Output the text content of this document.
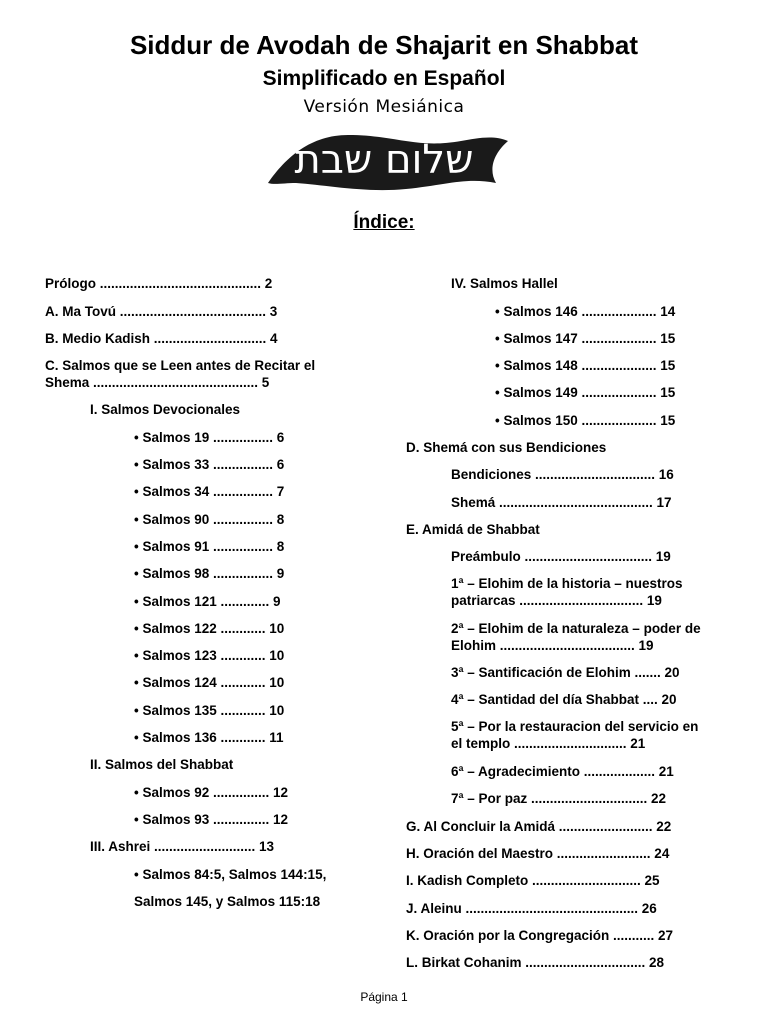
Siddur de Avodah de Shajarit en Shabbat
Simplificado en Español
Versión Mesiánica
שלום שבת
Índice:
Prólogo ........................................... 2
A. Ma Tovú ....................................... 3
B. Medio Kadish .............................. 4
C. Salmos que se Leen antes de Recitar el Shema ............................................ 5
I. Salmos Devocionales
• Salmos 19 ................ 6
• Salmos 33 ................ 6
• Salmos 34 ................ 7
• Salmos 90 ................ 8
• Salmos 91 ................ 8
• Salmos 98 ................ 9
• Salmos 121 ............. 9
• Salmos 122 ............ 10
• Salmos 123 ............ 10
• Salmos 124 ............ 10
• Salmos 135 ............ 10
• Salmos 136 ............ 11
II. Salmos del Shabbat
• Salmos 92 ............... 12
• Salmos 93 ............... 12
III. Ashrei ........................... 13
• Salmos 84:5, Salmos 144:15,
Salmos 145, y Salmos 115:18
IV. Salmos Hallel
• Salmos 146 .................... 14
• Salmos 147 .................... 15
• Salmos 148 .................... 15
• Salmos 149 .................... 15
• Salmos 150 .................... 15
D. Shemá con sus Bendiciones
Bendiciones ................................ 16
Shemá ......................................... 17
E. Amidá de Shabbat
Preámbulo .................................. 19
1ª – Elohim de la historia – nuestros patriarcas ................................. 19
2ª – Elohim de la naturaleza – poder de Elohim .................................... 19
3ª – Santificación de Elohim ....... 20
4ª – Santidad del día Shabbat .... 20
5ª – Por la restauracion del servicio en el templo .............................. 21
6ª – Agradecimiento ................... 21
7ª – Por paz ............................... 22
G. Al Concluir la Amidá ......................... 22
H. Oración del Maestro ......................... 24
I. Kadish Completo ............................. 25
J. Aleinu .............................................. 26
K. Oración por la Congregación ........... 27
L. Birkat Cohanim ................................ 28
Página 1
